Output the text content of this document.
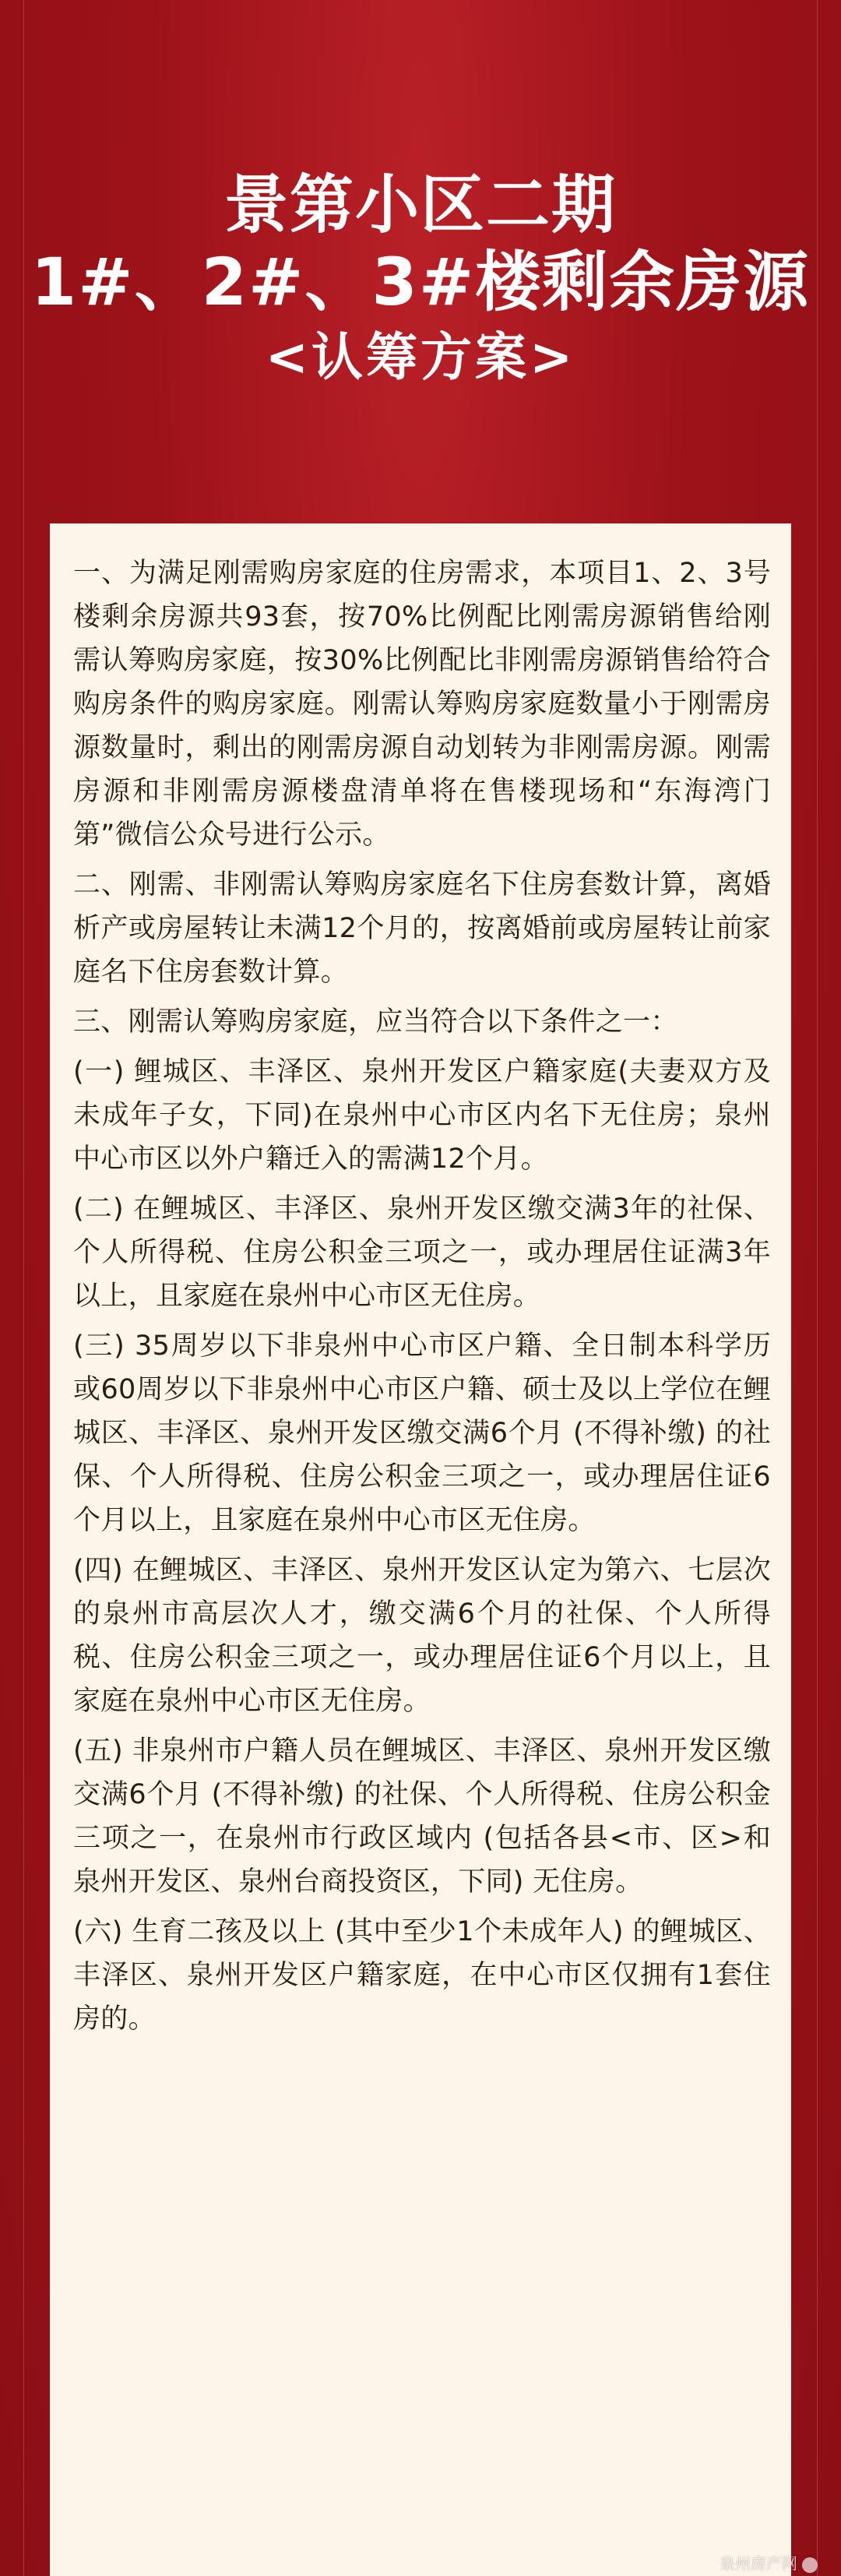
景第小区二期
1#、2#、3#楼剩余房源
<认筹方案>

一、为满足刚需购房家庭的住房需求，本项目1、2、3号楼剩余房源共93套，按70%比例配比刚需房源销售给刚需认筹购房家庭，按30%比例配比非刚需房源销售给符合购房条件的购房家庭。刚需认筹购房家庭数量小于刚需房源数量时，剩出的刚需房源自动划转为非刚需房源。刚需房源和非刚需房源楼盘清单将在售楼现场和“东海湾门第”微信公众号进行公示。

二、刚需、非刚需认筹购房家庭名下住房套数计算，离婚析产或房屋转让未满12个月的，按离婚前或房屋转让前家庭名下住房套数计算。

三、刚需认筹购房家庭，应当符合以下条件之一：

(一) 鲤城区、丰泽区、泉州开发区户籍家庭(夫妻双方及未成年子女，下同)在泉州中心市区内名下无住房；泉州中心市区以外户籍迁入的需满12个月。

(二) 在鲤城区、丰泽区、泉州开发区缴交满3年的社保、个人所得税、住房公积金三项之一，或办理居住证满3年以上，且家庭在泉州中心市区无住房。

(三) 35周岁以下非泉州中心市区户籍、全日制本科学历或60周岁以下非泉州中心市区户籍、硕士及以上学位在鲤城区、丰泽区、泉州开发区缴交满6个月 (不得补缴) 的社保、个人所得税、住房公积金三项之一，或办理居住证6个月以上，且家庭在泉州中心市区无住房。

(四) 在鲤城区、丰泽区、泉州开发区认定为第六、七层次的泉州市高层次人才，缴交满6个月的社保、个人所得税、住房公积金三项之一，或办理居住证6个月以上，且家庭在泉州中心市区无住房。

(五) 非泉州市户籍人员在鲤城区、丰泽区、泉州开发区缴交满6个月 (不得补缴) 的社保、个人所得税、住房公积金三项之一，在泉州市行政区域内 (包括各县<市、区>和泉州开发区、泉州台商投资区，下同) 无住房。

(六) 生育二孩及以上 (其中至少1个未成年人) 的鲤城区、丰泽区、泉州开发区户籍家庭，在中心市区仅拥有1套住房的。

泉州房产网
